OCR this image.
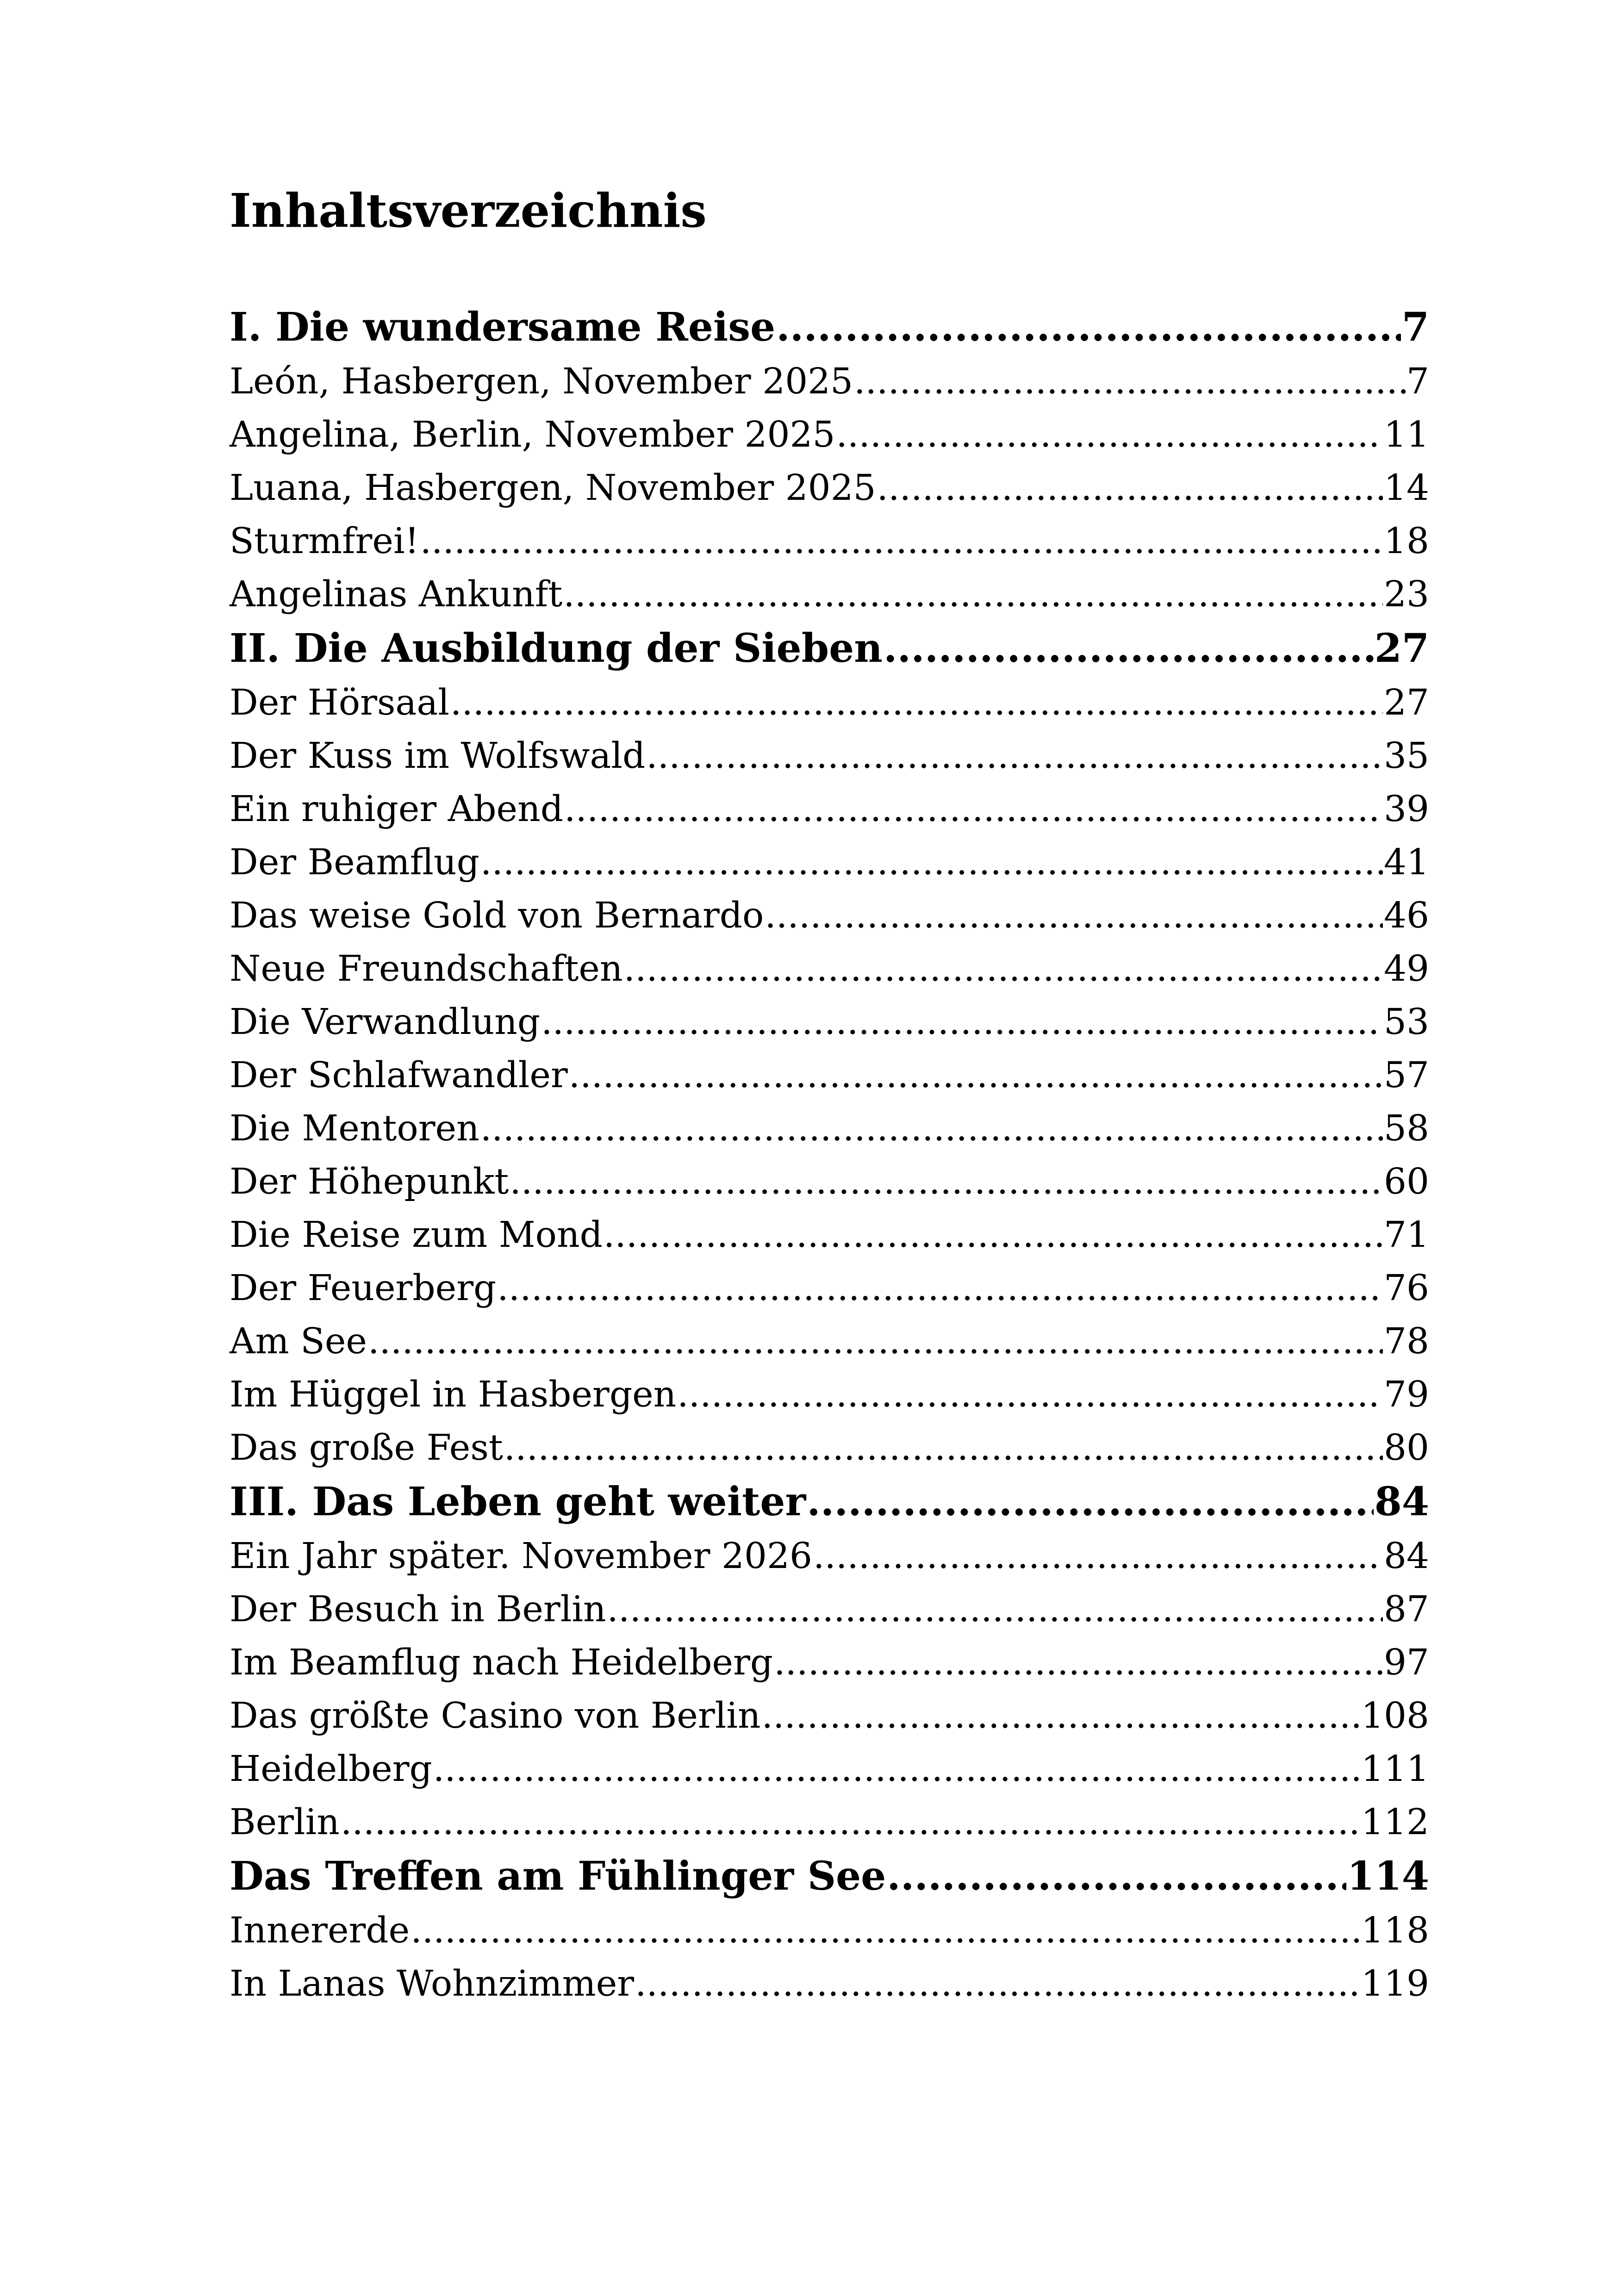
Inhaltsverzeichnis
I. Die wundersame Reise .....	7
León, Hasbergen, November 2025 .....	7
Angelina, Berlin, November 2025 .....	11
Luana, Hasbergen, November 2025 .....	14
Sturmfrei! .....	18
Angelinas Ankunft .....	23
II. Die Ausbildung der Sieben .....	27
Der Hörsaal .....	27
Der Kuss im Wolfswald .....	35
Ein ruhiger Abend .....	39
Der Beamflug .....	41
Das weise Gold von Bernardo .....	46
Neue Freundschaften .....	49
Die Verwandlung .....	53
Der Schlafwandler .....	57
Die Mentoren .....	58
Der Höhepunkt .....	60
Die Reise zum Mond .....	71
Der Feuerberg .....	76
Am See .....	78
Im Hüggel in Hasbergen .....	79
Das große Fest .....	80
III. Das Leben geht weiter .....	84
Ein Jahr später. November 2026 .....	84
Der Besuch in Berlin .....	87
Im Beamflug nach Heidelberg .....	97
Das größte Casino von Berlin .....	108
Heidelberg .....	111
Berlin .....	112
Das Treffen am Fühlinger See .....	114
Innererde .....	118
In Lanas Wohnzimmer .....	119
